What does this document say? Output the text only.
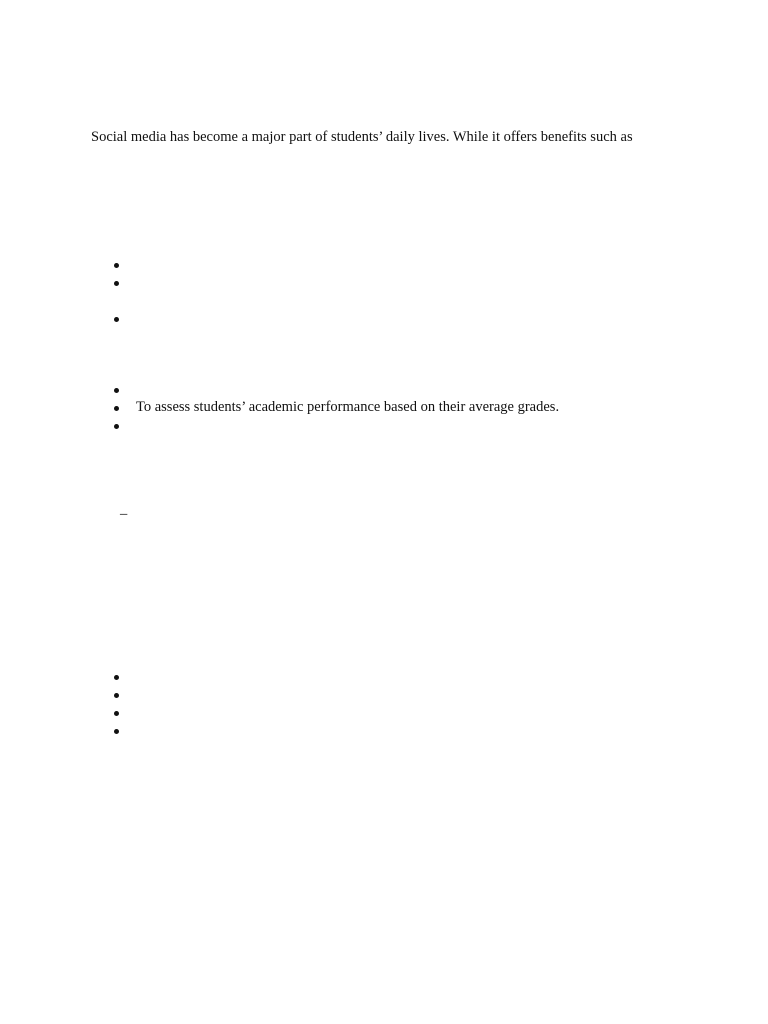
Social media has become a major part of students’ daily lives. While it offers benefits such as
To assess students’ academic performance based on their average grades.
–
